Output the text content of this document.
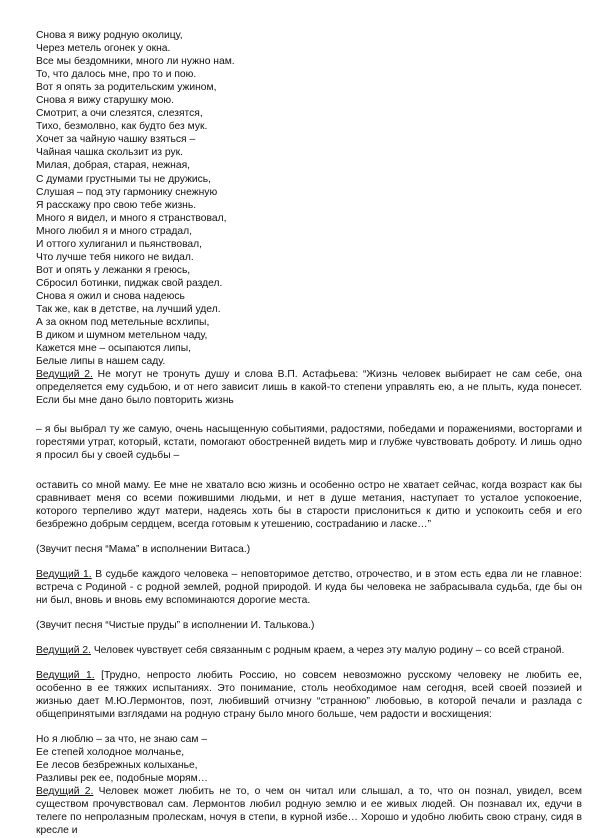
Снова я вижу родную околицу,
Через метель огонек у окна.
Все мы бездомники, много ли нужно нам.
То, что далось мне, про то и пою.
Вот я опять за родительским ужином,
Снова я вижу старушку мою.
Смотрит, а очи слезятся, слезятся,
Тихо, безмолвно, как будто без мук.
Хочет за чайную чашку взяться –
Чайная чашка скользит из рук.
Милая, добрая, старая, нежная,
С думами грустными ты не дружись,
Слушая – под эту гармонику снежную
Я расскажу про свою тебе жизнь.
Много я видел, и много я странствовал,
Много любил я и много страдал,
И оттого хулиганил и пьянствовал,
Что лучше тебя никого не видал.
Вот и опять у лежанки я греюсь,
Сбросил ботинки, пиджак свой раздел.
Снова я ожил и снова надеюсь
Так же, как в детстве, на лучший удел.
А за окном под метельные всхлипы,
В диком и шумном метельном чаду,
Кажется мне – осыпаются липы,
Белые липы в нашем саду.
Ведущий 2. Не могут не тронуть душу и слова В.П. Астафьева: “Жизнь человек выбирает не сам себе, она определяется ему судьбою, и от него зависит лишь в какой-то степени управлять ею, а не плыть, куда понесет. Если бы мне дано было повторить жизнь
– я бы выбрал ту же самую, очень насыщенную событиями, радостями, победами и поражениями, восторгами и горестями утрат, который, кстати, помогают обостренней видеть мир и глубже чувствовать доброту. И лишь одно я просил бы у своей судьбы –
оставить со мной маму. Ее мне не хватало всю жизнь и особенно остро не хватает сейчас, когда возраст как бы сравнивает меня со всеми пожившими людьми, и нет в душе метания, наступает то усталое успокоение, которого терпеливо ждут матери, надеясь хоть бы в старости прислониться к дитю и успокоить себя и его безбрежно добрым сердцем, всегда готовым к утешению, сострadанию и ласке…”
(Звучит песня “Мама” в исполнении Витаса.)
Ведущий 1. В судьбе каждого человека – неповторимое детство, отрочество, и в этом есть едва ли не главное: встреча с Родиной - с родной землей, родной природой. И куда бы человека не забрасывала судьба, где бы он ни был, вновь и вновь ему вспоминаются дорогие места.
(Звучит песня “Чистые пруды” в исполнении И. Талькова.)
Ведущий 2. Человек чувствует себя связанным с родным краем, а через эту малую родину – со всей страной.
Ведущий 1. [Трудно, непросто любить Россию, но совсем невозможно русскому человеку не любить ее, особенно в ее тяжких испытаниях. Это понимание, столь необходимое нам сегодня, всей своей поэзией и жизнью дает М.Ю.Лермонтов, поэт, любивший отчизну “странною” любовью, в которой печали и разлада с общепринятыми взглядами на родную страну было много больше, чем радости и восхищения:
Но я люблю – за что, не знаю сам –
Ее степей холодное молчанье,
Ее лесов безбрежных колыханье,
Разливы рек ее, подобные морям…
Ведущий 2. Человек может любить не то, о чем он читал или слышал, а то, что он познал, увидел, всем существом прочувствовал сам. Лермонтов любил родную землю и ее живых людей. Он познавал их, едучи в телеге по непролазным пролескам, ночуя в степи, в курной избе… Хорошо и удобно любить свою страну, сидя в кресле и
